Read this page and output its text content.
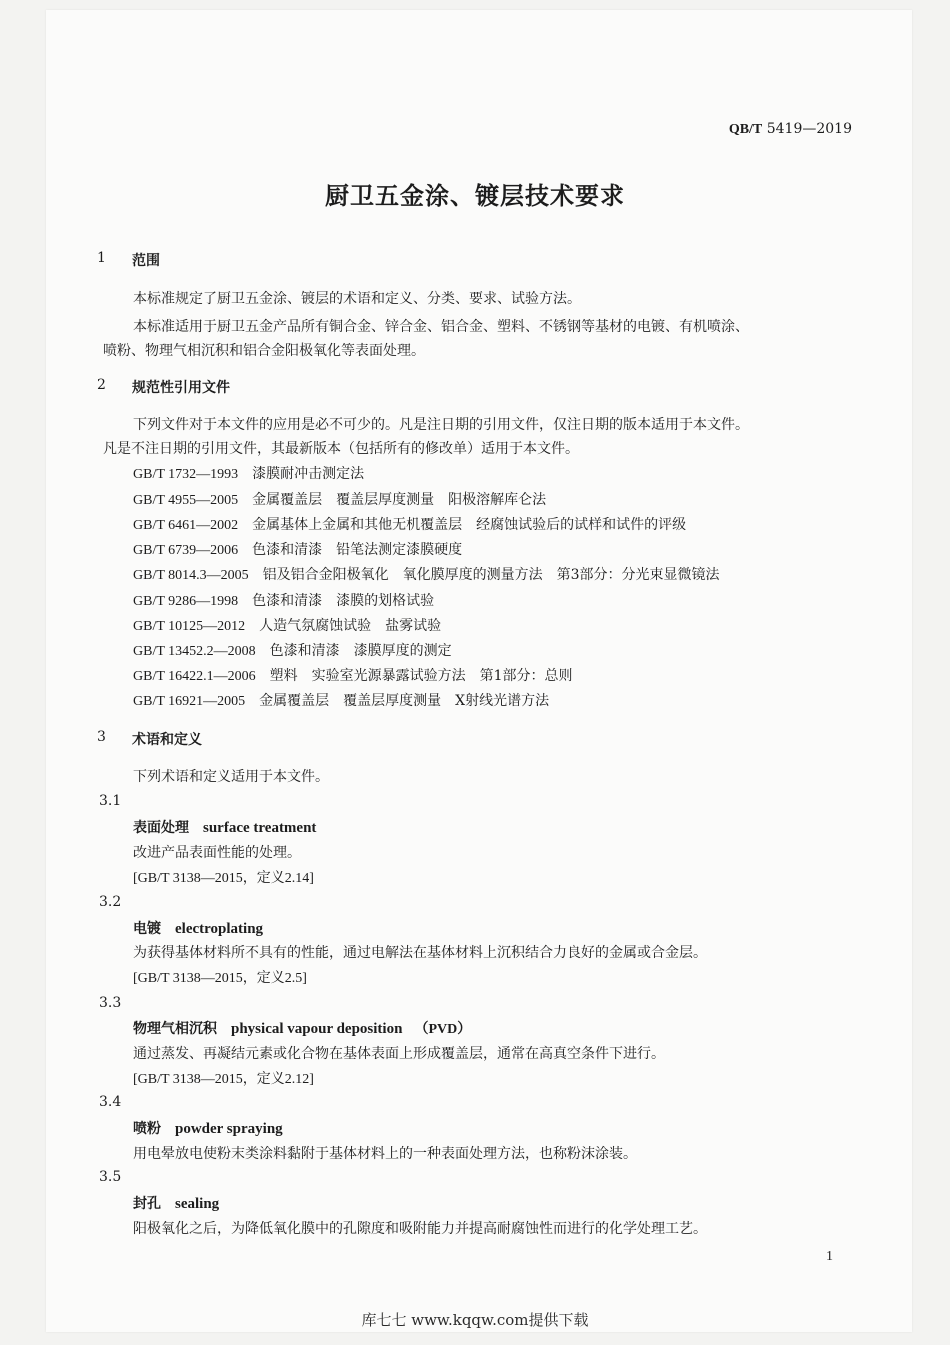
QB/T 5419—2019
厨卫五金涂、镀层技术要求
1 范围
本标准规定了厨卫五金涂、镀层的术语和定义、分类、要求、试验方法。
本标准适用于厨卫五金产品所有铜合金、锌合金、铝合金、塑料、不锈钢等基材的电镀、有机喷涂、
喷粉、物理气相沉积和铝合金阳极氧化等表面处理。
2 规范性引用文件
下列文件对于本文件的应用是必不可少的。凡是注日期的引用文件，仅注日期的版本适用于本文件。
凡是不注日期的引用文件，其最新版本（包括所有的修改单）适用于本文件。
GB/T 1732—1993　 漆膜耐冲击测定法
GB/T 4955—2005　 金属覆盖层　覆盖层厚度测量　阳极溶解库仑法
GB/T 6461—2002　 金属基体上金属和其他无机覆盖层　经腐蚀试验后的试样和试件的评级
GB/T 6739—2006　 色漆和清漆　铅笔法测定漆膜硬度
GB/T 8014.3—2005　 铝及铝合金阳极氧化　氧化膜厚度的测量方法　第3部分：分光束显微镜法
GB/T 9286—1998　 色漆和清漆　漆膜的划格试验
GB/T 10125—2012　 人造气氛腐蚀试验　盐雾试验
GB/T 13452.2—2008　 色漆和清漆　漆膜厚度的测定
GB/T 16422.1—2006　 塑料　实验室光源暴露试验方法　第1部分：总则
GB/T 16921—2005　 金属覆盖层　覆盖层厚度测量　X射线光谱方法
3 术语和定义
下列术语和定义适用于本文件。
3.1
表面处理 surface treatment
改进产品表面性能的处理。
[GB/T 3138—2015，定义2.14]
3.2
电镀 electroplating
为获得基体材料所不具有的性能，通过电解法在基体材料上沉积结合力良好的金属或合金层。
[GB/T 3138—2015，定义2.5]
3.3
物理气相沉积 physical vapour deposition （PVD）
通过蒸发、再凝结元素或化合物在基体表面上形成覆盖层，通常在高真空条件下进行。
[GB/T 3138—2015，定义2.12]
3.4
喷粉 powder spraying
用电晕放电使粉末类涂料黏附于基体材料上的一种表面处理方法，也称粉沫涂装。
3.5
封孔 sealing
阳极氧化之后，为降低氧化膜中的孔隙度和吸附能力并提高耐腐蚀性而进行的化学处理工艺。
1
库七七 www.kqqw.com提供下载
